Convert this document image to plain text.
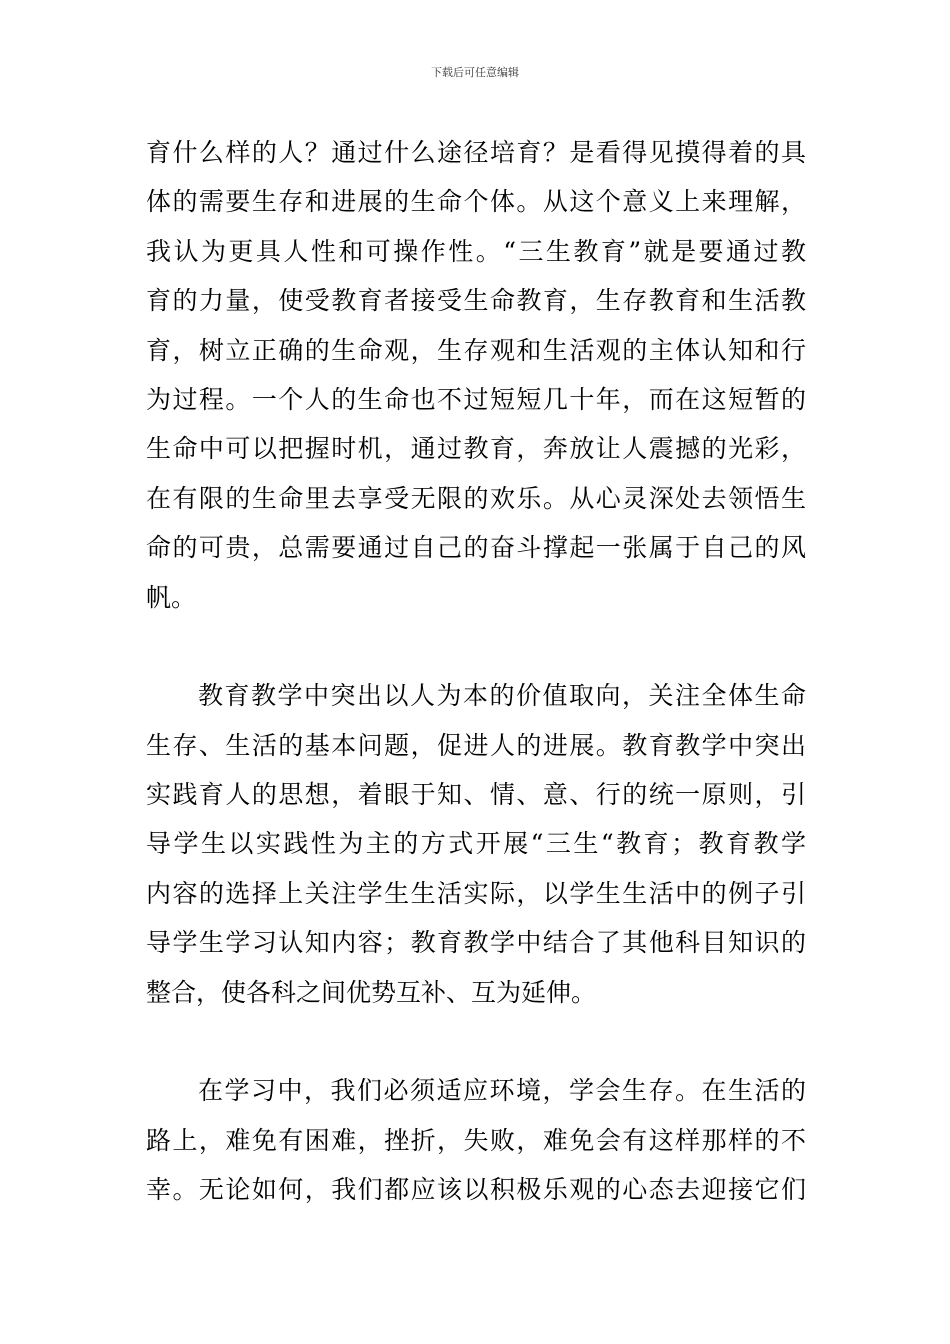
下载后可任意编辑
育什么样的人？通过什么途径培育？是看得见摸得着的具
体的需要生存和进展的生命个体。从这个意义上来理解，
我认为更具人性和可操作性。“三生教育”就是要通过教
育的力量，使受教育者接受生命教育，生存教育和生活教
育，树立正确的生命观，生存观和生活观的主体认知和行
为过程。一个人的生命也不过短短几十年，而在这短暂的
生命中可以把握时机，通过教育，奔放让人震撼的光彩，
在有限的生命里去享受无限的欢乐。从心灵深处去领悟生
命的可贵，总需要通过自己的奋斗撑起一张属于自己的风
帆。
教育教学中突出以人为本的价值取向，关注全体生命
生存、生活的基本问题，促进人的进展。教育教学中突出
实践育人的思想，着眼于知、情、意、行的统一原则，引
导学生以实践性为主的方式开展“三生“教育；教育教学
内容的选择上关注学生生活实际，以学生生活中的例子引
导学生学习认知内容；教育教学中结合了其他科目知识的
整合，使各科之间优势互补、互为延伸。
在学习中，我们必须适应环境，学会生存。在生活的
路上，难免有困难，挫折，失败，难免会有这样那样的不
幸。无论如何，我们都应该以积极乐观的心态去迎接它们
